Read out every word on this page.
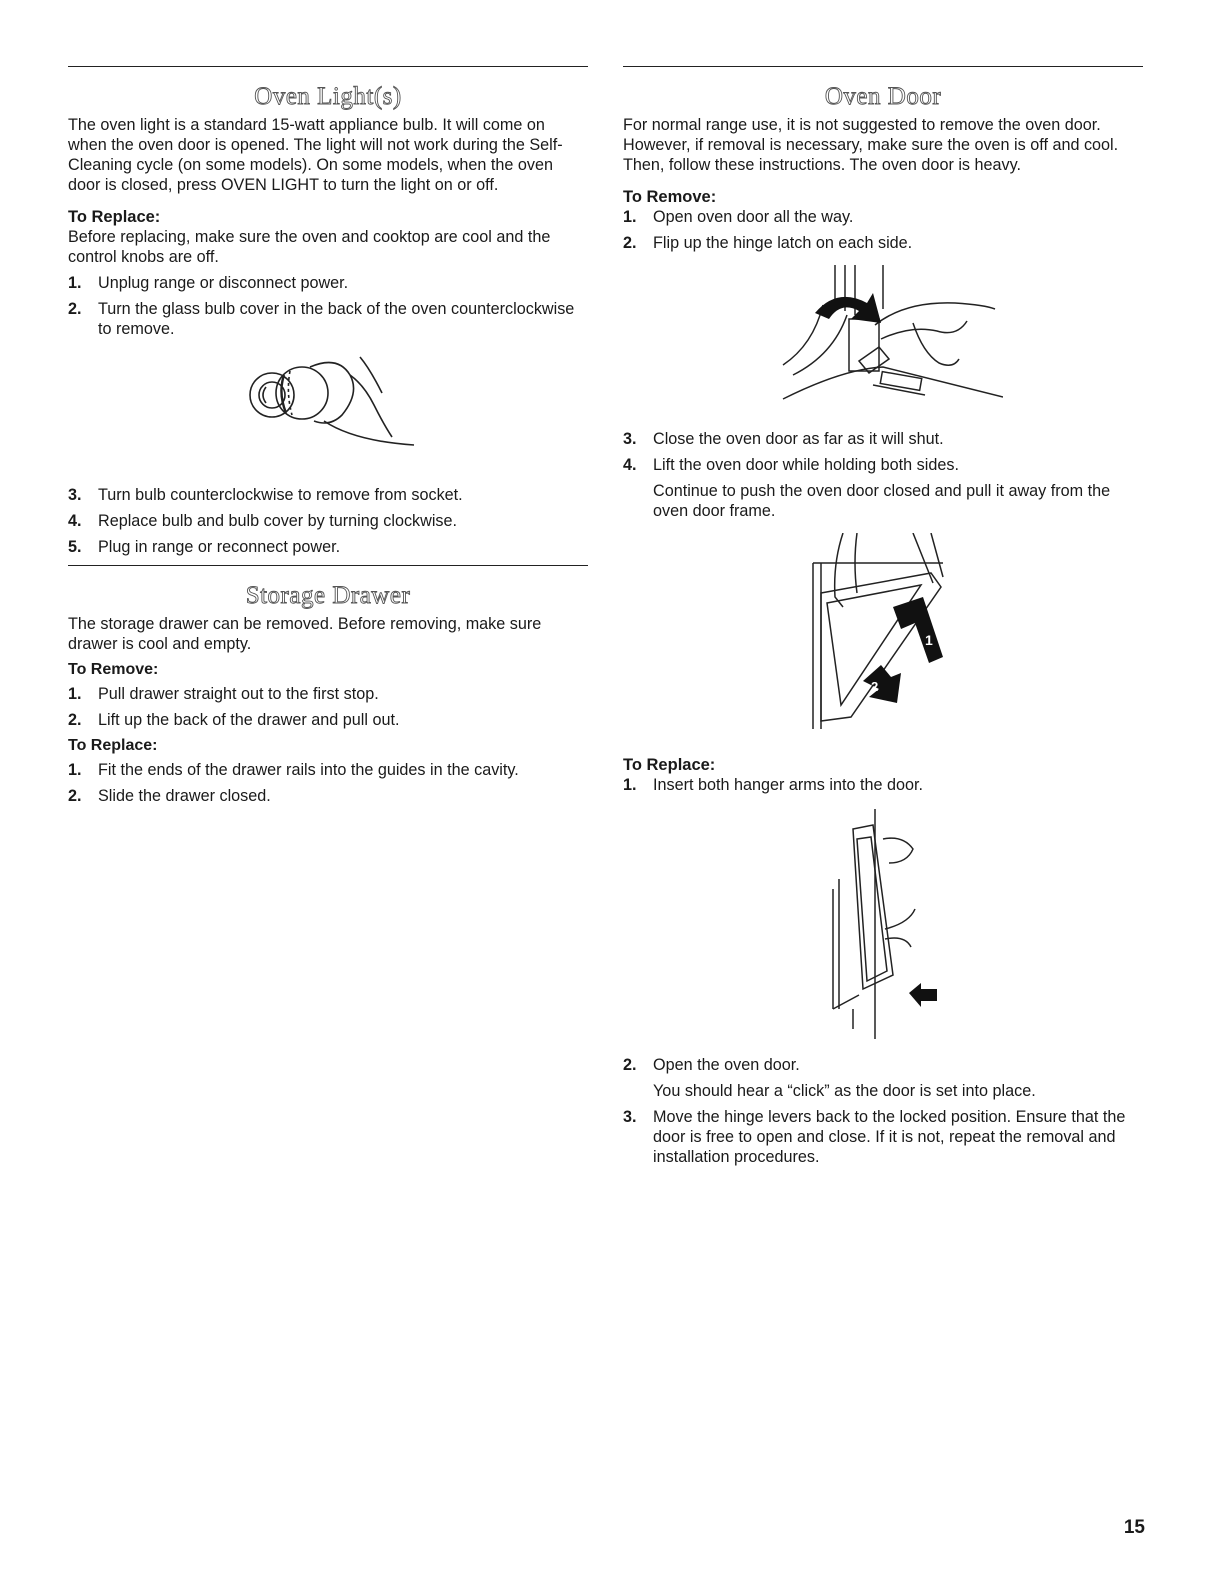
Oven Light(s)

The oven light is a standard 15-watt appliance bulb. It will come on when the oven door is opened. The light will not work during the Self-Cleaning cycle (on some models). On some models, when the oven door is closed, press OVEN LIGHT to turn the light on or off.

To Replace:

Before replacing, make sure the oven and cooktop are cool and the control knobs are off.

1. Unplug range or disconnect power.
2. Turn the glass bulb cover in the back of the oven counterclockwise to remove.
3. Turn bulb counterclockwise to remove from socket.
4. Replace bulb and bulb cover by turning clockwise.
5. Plug in range or reconnect power.
Storage Drawer

The storage drawer can be removed. Before removing, make sure drawer is cool and empty.

To Remove:

1. Pull drawer straight out to the first stop.
2. Lift up the back of the drawer and pull out.

To Replace:

1. Fit the ends of the drawer rails into the guides in the cavity.
2. Slide the drawer closed.
Oven Door

For normal range use, it is not suggested to remove the oven door. However, if removal is necessary, make sure the oven is off and cool. Then, follow these instructions. The oven door is heavy.

To Remove:

1. Open oven door all the way.
2. Flip up the hinge latch on each side.
3. Close the oven door as far as it will shut.
4. Lift the oven door while holding both sides.

Continue to push the oven door closed and pull it away from the oven door frame.

1
2

To Replace:

1. Insert both hanger arms into the door.
2. Open the oven door.

You should hear a “click” as the door is set into place.

3. Move the hinge levers back to the locked position. Ensure that the door is free to open and close. If it is not, repeat the removal and installation procedures.
15
